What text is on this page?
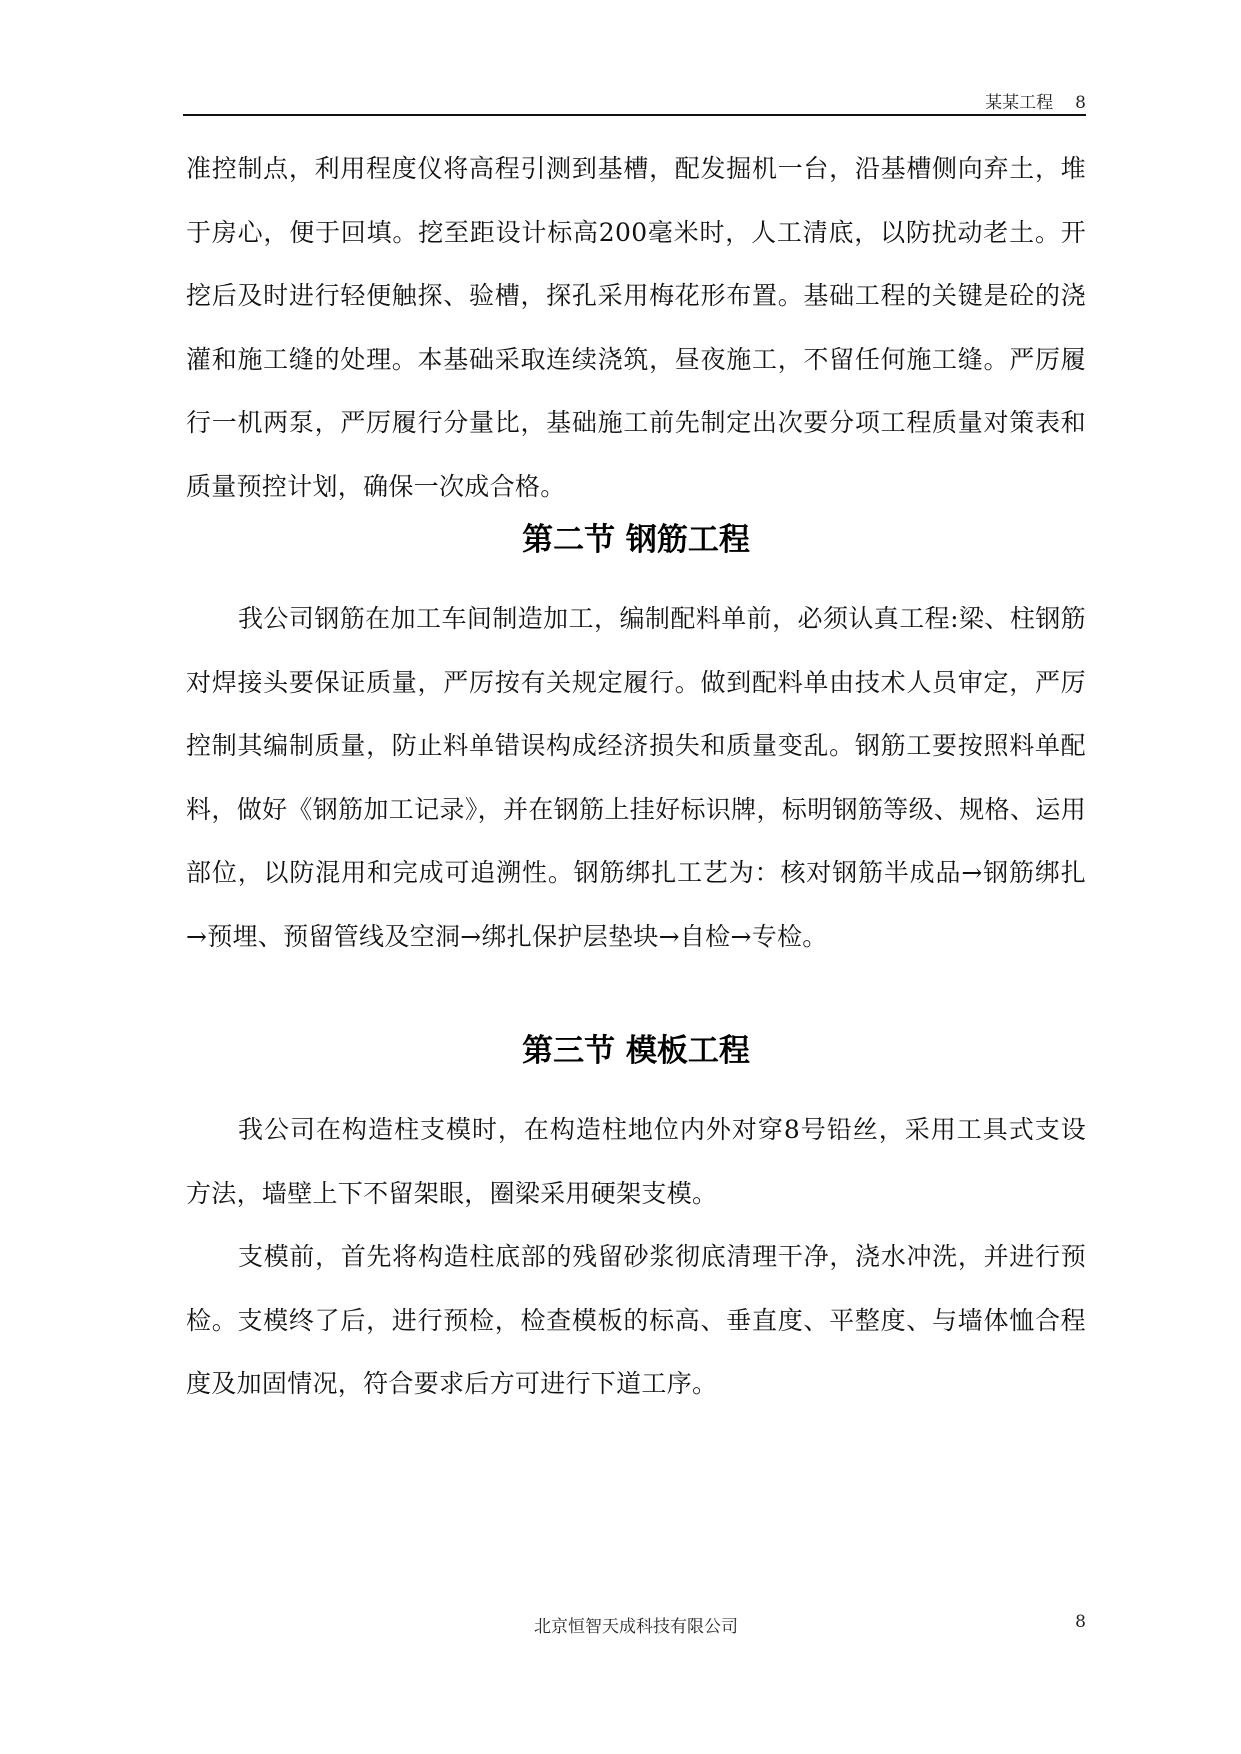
某某工程 8

准控制点，利用程度仪将高程引测到基槽，配发掘机一台，沿基槽侧向弃土，堆于房心，便于回填。挖至距设计标高200毫米时，人工清底，以防扰动老土。开挖后及时进行轻便触探、验槽，探孔采用梅花形布置。基础工程的关键是砼的浇灌和施工缝的处理。本基础采取连续浇筑，昼夜施工，不留任何施工缝。严厉履行一机两泵，严厉履行分量比，基础施工前先制定出次要分项工程质量对策表和质量预控计划，确保一次成合格。

第二节 钢筋工程

我公司钢筋在加工车间制造加工，编制配料单前，必须认真工程:梁、柱钢筋对焊接头要保证质量，严厉按有关规定履行。做到配料单由技术人员审定，严厉控制其编制质量，防止料单错误构成经济损失和质量变乱。钢筋工要按照料单配料，做好《钢筋加工记录》，并在钢筋上挂好标识牌，标明钢筋等级、规格、运用部位，以防混用和完成可追溯性。钢筋绑扎工艺为：核对钢筋半成品→钢筋绑扎→预埋、预留管线及空洞→绑扎保护层垫块→自检→专检。

第三节 模板工程

我公司在构造柱支模时，在构造柱地位内外对穿8号铅丝，采用工具式支设方法，墙壁上下不留架眼，圈梁采用硬架支模。

支模前，首先将构造柱底部的残留砂浆彻底清理干净，浇水冲洗，并进行预检。支模终了后，进行预检，检查模板的标高、垂直度、平整度、与墙体恤合程度及加固情况，符合要求后方可进行下道工序。

北京恒智天成科技有限公司	8
